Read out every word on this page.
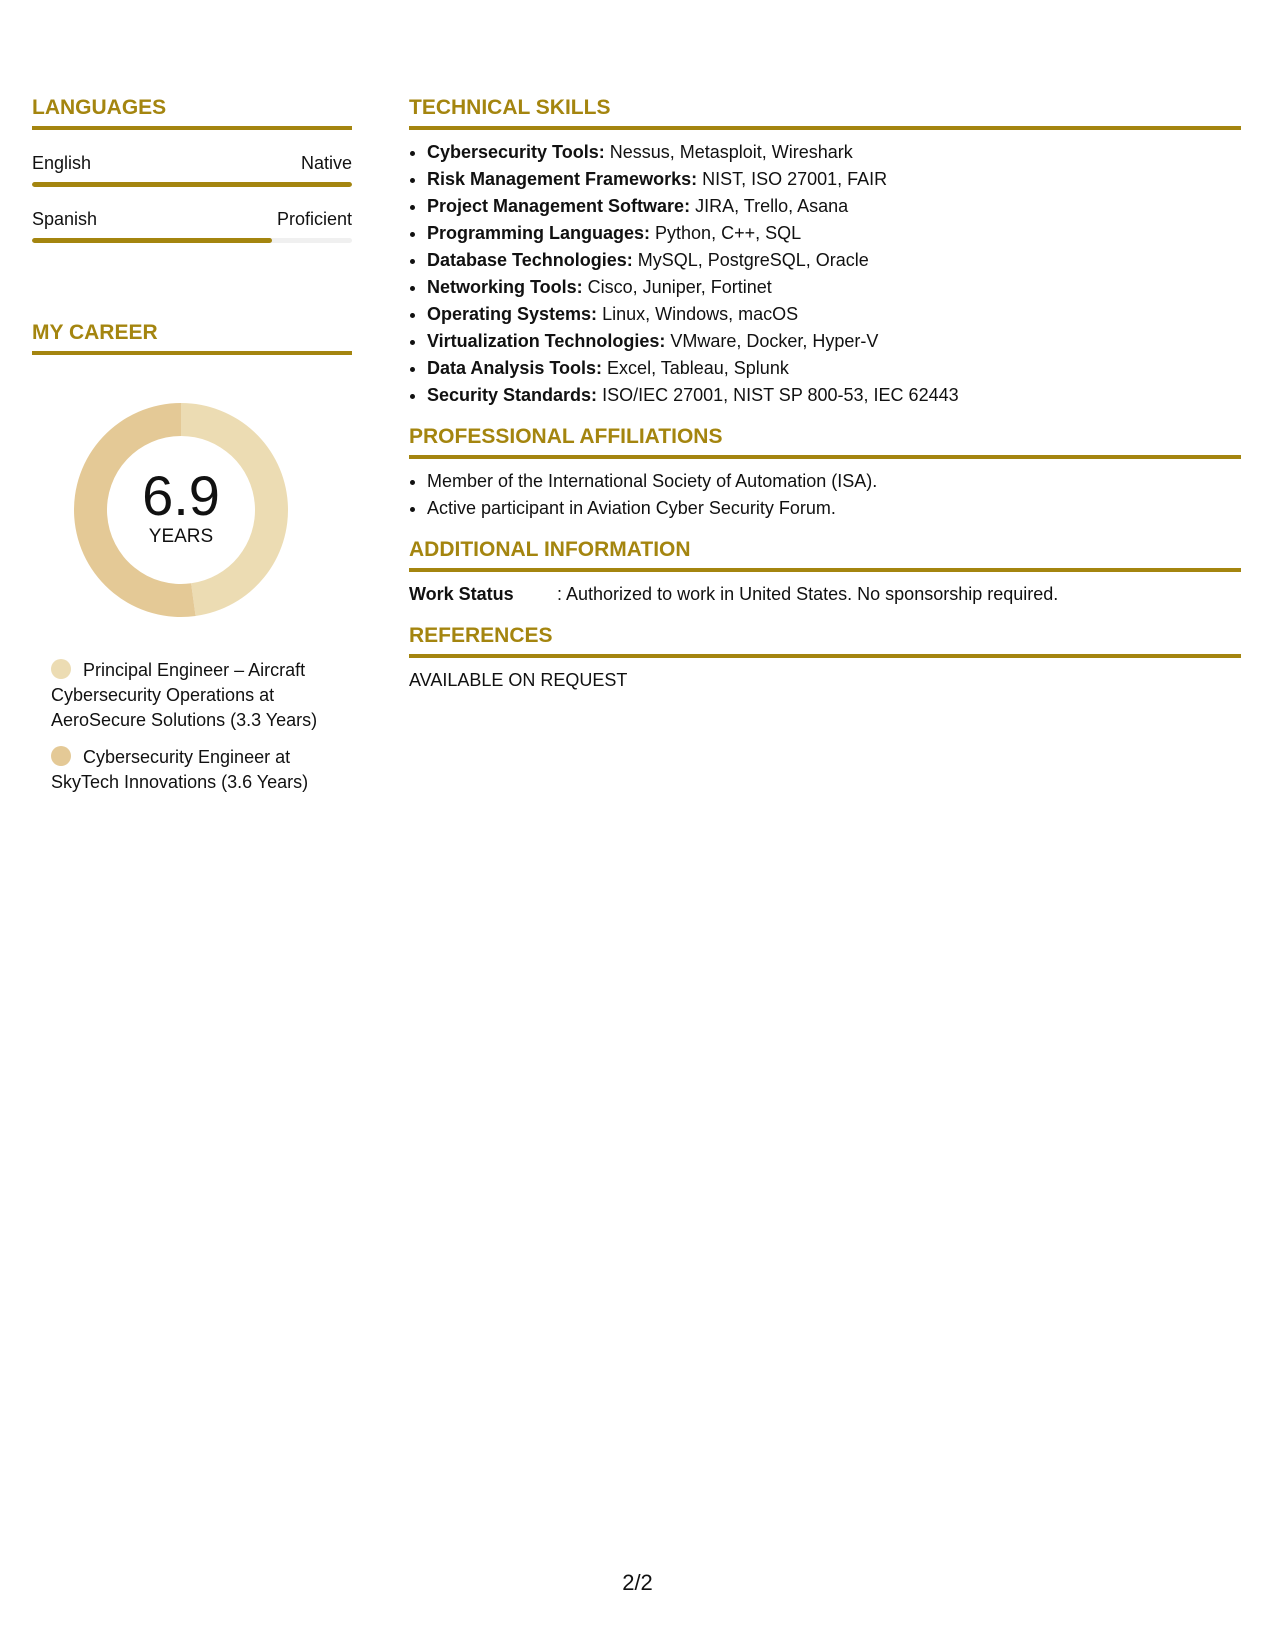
LANGUAGES
English	Native
Spanish	Proficient
MY CAREER
6.9
YEARS
Principal Engineer – Aircraft Cybersecurity Operations at AeroSecure Solutions (3.3 Years)
Cybersecurity Engineer at SkyTech Innovations (3.6 Years)
TECHNICAL SKILLS
• Cybersecurity Tools: Nessus, Metasploit, Wireshark
• Risk Management Frameworks: NIST, ISO 27001, FAIR
• Project Management Software: JIRA, Trello, Asana
• Programming Languages: Python, C++, SQL
• Database Technologies: MySQL, PostgreSQL, Oracle
• Networking Tools: Cisco, Juniper, Fortinet
• Operating Systems: Linux, Windows, macOS
• Virtualization Technologies: VMware, Docker, Hyper-V
• Data Analysis Tools: Excel, Tableau, Splunk
• Security Standards: ISO/IEC 27001, NIST SP 800-53, IEC 62443
PROFESSIONAL AFFILIATIONS
• Member of the International Society of Automation (ISA).
• Active participant in Aviation Cyber Security Forum.
ADDITIONAL INFORMATION
Work Status	: Authorized to work in United States. No sponsorship required.
REFERENCES
AVAILABLE ON REQUEST
2/2
